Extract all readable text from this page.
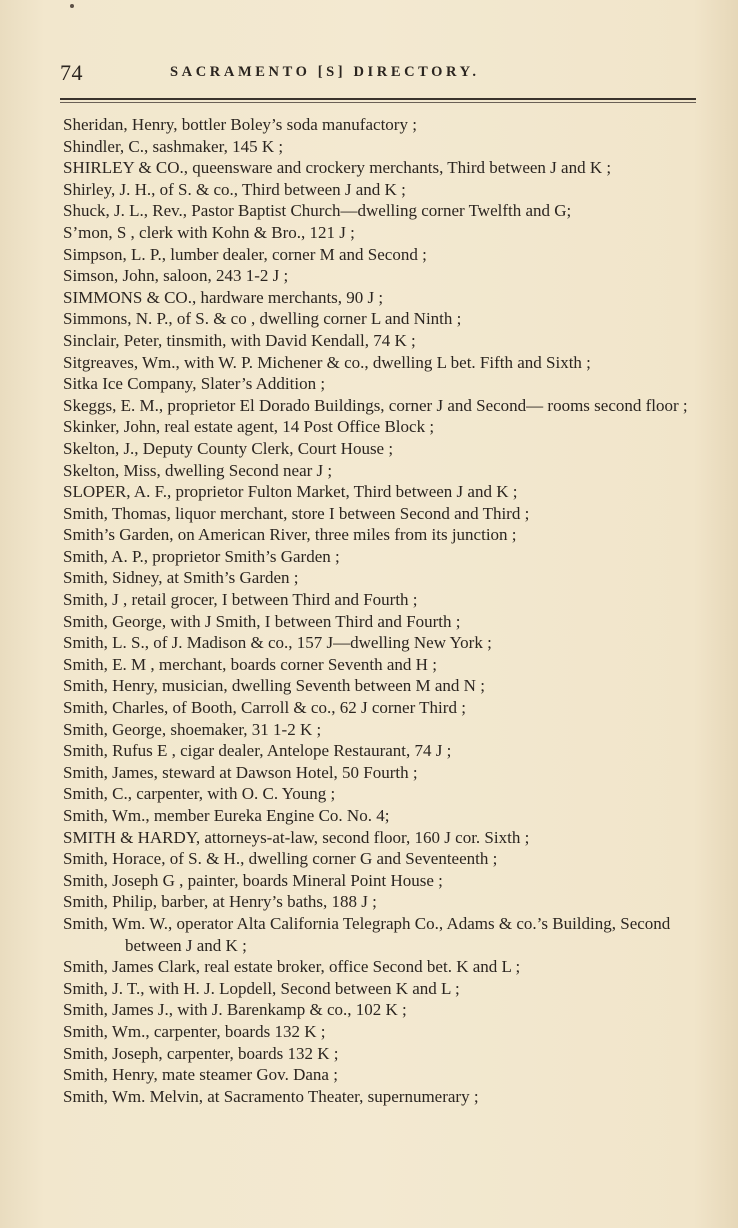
74	SACRAMENTO [S] DIRECTORY.
Sheridan, Henry, bottler Boley’s soda manufactory ;
Shindler, C., sashmaker, 145 K ;
SHIRLEY & CO., queensware and crockery merchants, Third between J and K ;
Shirley, J. H., of S. & co., Third between J and K ;
Shuck, J. L., Rev., Pastor Baptist Church—dwelling corner Twelfth and G;
S’mon, S , clerk with Kohn & Bro., 121 J ;
Simpson, L. P., lumber dealer, corner M and Second ;
Simson, John, saloon, 243 1-2 J ;
SIMMONS & CO., hardware merchants, 90 J ;
Simmons, N. P., of S. & co , dwelling corner L and Ninth ;
Sinclair, Peter, tinsmith, with David Kendall, 74 K ;
Sitgreaves, Wm., with W. P. Michener & co., dwelling L bet. Fifth and Sixth ;
Sitka Ice Company, Slater’s Addition ;
Skeggs, E. M., proprietor El Dorado Buildings, corner J and Second— rooms second floor ;
Skinker, John, real estate agent, 14 Post Office Block ;
Skelton, J., Deputy County Clerk, Court House ;
Skelton, Miss, dwelling Second near J ;
SLOPER, A. F., proprietor Fulton Market, Third between J and K ;
Smith, Thomas, liquor merchant, store I between Second and Third ;
Smith’s Garden, on American River, three miles from its junction ;
Smith, A. P., proprietor Smith’s Garden ;
Smith, Sidney, at Smith’s Garden ;
Smith, J , retail grocer, I between Third and Fourth ;
Smith, George, with J Smith, I between Third and Fourth ;
Smith, L. S., of J. Madison & co., 157 J—dwelling New York ;
Smith, E. M , merchant, boards corner Seventh and H ;
Smith, Henry, musician, dwelling Seventh between M and N ;
Smith, Charles, of Booth, Carroll & co., 62 J corner Third ;
Smith, George, shoemaker, 31 1-2 K ;
Smith, Rufus E , cigar dealer, Antelope Restaurant, 74 J ;
Smith, James, steward at Dawson Hotel, 50 Fourth ;
Smith, C., carpenter, with O. C. Young ;
Smith, Wm., member Eureka Engine Co. No. 4;
SMITH & HARDY, attorneys-at-law, second floor, 160 J cor. Sixth ;
Smith, Horace, of S. & H., dwelling corner G and Seventeenth ;
Smith, Joseph G , painter, boards Mineral Point House ;
Smith, Philip, barber, at Henry’s baths, 188 J ;
Smith, Wm. W., operator Alta California Telegraph Co., Adams & co.’s Building, Second between J and K ;
Smith, James Clark, real estate broker, office Second bet. K and L ;
Smith, J. T., with H. J. Lopdell, Second between K and L ;
Smith, James J., with J. Barenkamp & co., 102 K ;
Smith, Wm., carpenter, boards 132 K ;
Smith, Joseph, carpenter, boards 132 K ;
Smith, Henry, mate steamer Gov. Dana ;
Smith, Wm. Melvin, at Sacramento Theater, supernumerary ;
